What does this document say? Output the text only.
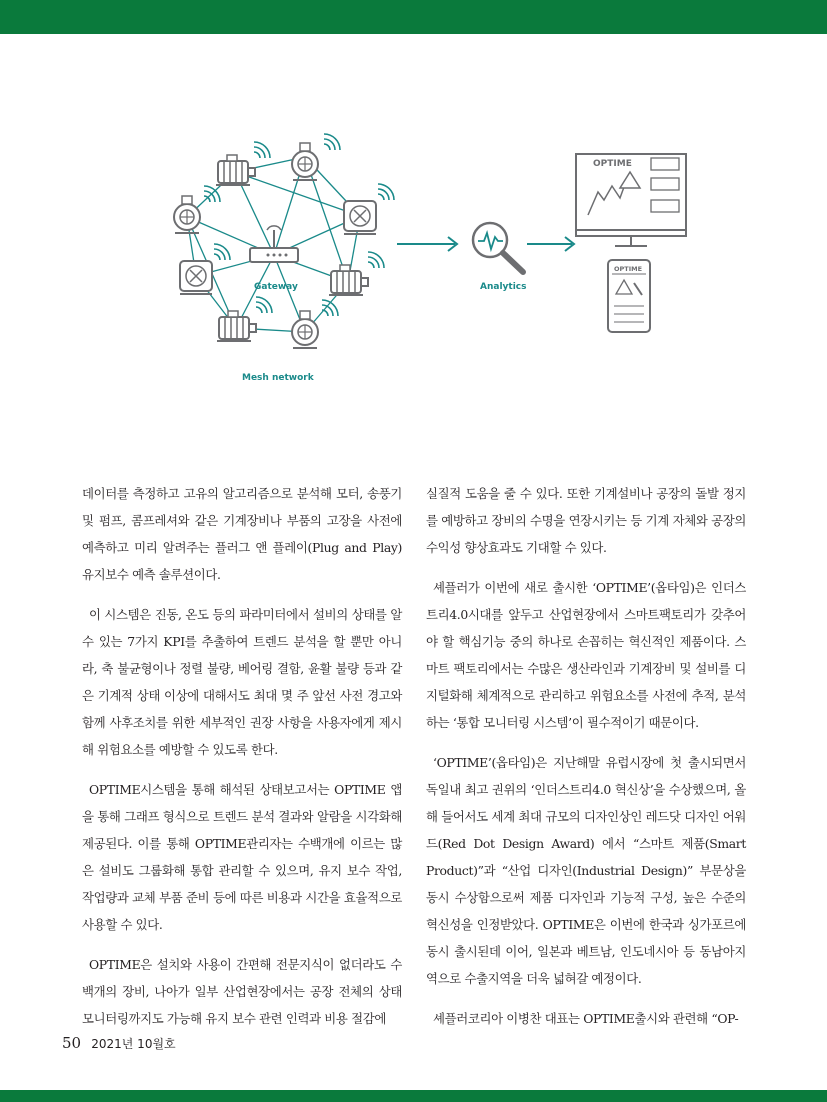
Gateway
Mesh network
Analytics
OPTIME
OPTIME

데이터를 측정하고 고유의 알고리즘으로 분석해 모터, 송풍기 및 펌프, 콤프레셔와 같은 기계장비나 부품의 고장을 사전에 예측하고 미리 알려주는 플러그 앤 플레이(Plug and Play) 유지보수 예측 솔루션이다.

이 시스템은 진동, 온도 등의 파라미터에서 설비의 상태를 알 수 있는 7가지 KPI를 추출하여 트렌드 분석을 할 뿐만 아니라, 축 불균형이나 정렬 불량, 베어링 결함, 윤활 불량 등과 같은 기계적 상태 이상에 대해서도 최대 몇 주 앞선 사전 경고와 함께 사후조치를 위한 세부적인 권장 사항을 사용자에게 제시해 위험요소를 예방할 수 있도록 한다.

OPTIME시스템을 통해 해석된 상태보고서는 OPTIME 앱을 통해 그래프 형식으로 트렌드 분석 결과와 알람을 시각화해 제공된다. 이를 통해 OPTIME관리자는 수백개에 이르는 많은 설비도 그룹화해 통합 관리할 수 있으며, 유지 보수 작업, 작업량과 교체 부품 준비 등에 따른 비용과 시간을 효율적으로 사용할 수 있다.

OPTIME은 설치와 사용이 간편해 전문지식이 없더라도 수백개의 장비, 나아가 일부 산업현장에서는 공장 전체의 상태 모니터링까지도 가능해 유지 보수 관련 인력과 비용 절감에

실질적 도움을 줄 수 있다. 또한 기계설비나 공장의 돌발 정지를 예방하고 장비의 수명을 연장시키는 등 기계 자체와 공장의 수익성 향상효과도 기대할 수 있다.

셰플러가 이번에 새로 출시한 ‘OPTIME’(옵타임)은 인더스트리4.0시대를 앞두고 산업현장에서 스마트팩토리가 갖추어야 할 핵심기능 중의 하나로 손꼽히는 혁신적인 제품이다. 스마트 팩토리에서는 수많은 생산라인과 기계장비 및 설비를 디지털화해 체계적으로 관리하고 위험요소를 사전에 추적, 분석하는 ‘통합 모니터링 시스템’이 필수적이기 때문이다.

‘OPTIME’(옵타임)은 지난해말 유럽시장에 첫 출시되면서 독일내 최고 권위의 ‘인더스트리4.0 혁신상’을 수상했으며, 올해 들어서도 세계 최대 규모의 디자인상인 레드닷 디자인 어워드(Red Dot Design Award) 에서 “스마트 제품(Smart Product)”과 “산업 디자인(Industrial Design)” 부문상을 동시 수상함으로써 제품 디자인과 기능적 구성, 높은 수준의 혁신성을 인정받았다. OPTIME은 이번에 한국과 싱가포르에 동시 출시된데 이어, 일본과 베트남, 인도네시아 등 동남아지역으로 수출지역을 더욱 넓혀갈 예정이다.

셰플러코리아 이병찬 대표는 OPTIME출시와 관련해 “OP-

50 2021년 10월호
